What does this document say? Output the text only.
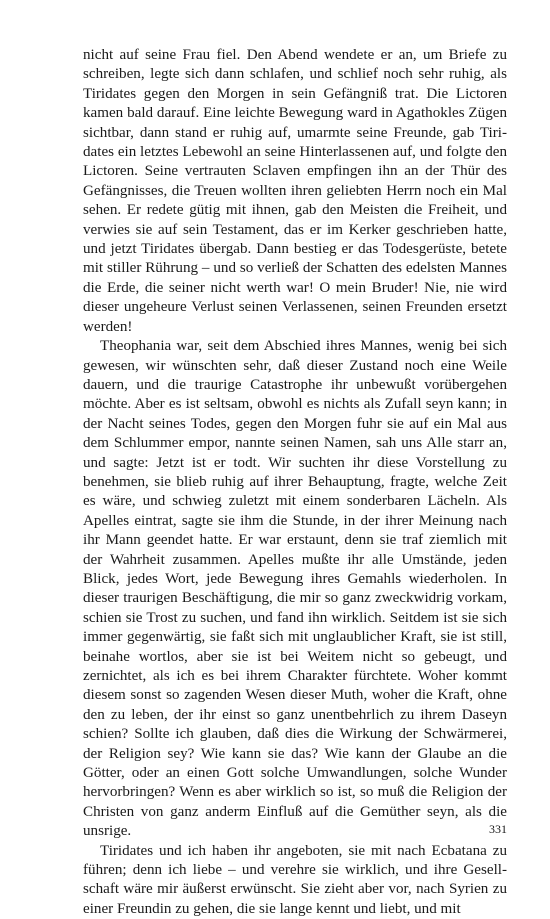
nicht auf seine Frau fiel. Den Abend wendete er an, um Briefe zu schreiben, legte sich dann schlafen, und schlief noch sehr ruhig, als Tiridates gegen den Morgen in sein Gefängniß trat. Die Lictoren kamen bald darauf. Eine leichte Bewegung ward in Agathokles Zügen sichtbar, dann stand er ruhig auf, umarmte seine Freunde, gab Tiridates ein letztes Lebewohl an seine Hinterlassenen auf, und folgte den Lictoren. Seine vertrauten Sclaven empfingen ihn an der Thür des Gefängnisses, die Treuen wollten ihren geliebten Herrn noch ein Mal sehen. Er redete gütig mit ihnen, gab den Meisten die Freiheit, und verwies sie auf sein Testament, das er im Kerker geschrieben hatte, und jetzt Tiridates übergab. Dann bestieg er das Todesgerüste, betete mit stiller Rührung – und so verließ der Schatten des edelsten Mannes die Erde, die seiner nicht werth war! O mein Bruder! Nie, nie wird dieser ungeheure Verlust seinen Verlassenen, seinen Freunden ersetzt werden!

Theophania war, seit dem Abschied ihres Mannes, wenig bei sich gewesen, wir wünschten sehr, daß dieser Zustand noch eine Weile dauern, und die traurige Catastrophe ihr unbewußt vorübergehen möchte. Aber es ist seltsam, obwohl es nichts als Zufall seyn kann; in der Nacht seines Todes, gegen den Morgen fuhr sie auf ein Mal aus dem Schlummer empor, nannte seinen Namen, sah uns Alle starr an, und sagte: Jetzt ist er todt. Wir suchten ihr diese Vorstellung zu benehmen, sie blieb ruhig auf ihrer Behauptung, fragte, welche Zeit es wäre, und schwieg zuletzt mit einem sonderbaren Lächeln. Als Apelles eintrat, sagte sie ihm die Stunde, in der ihrer Meinung nach ihr Mann geendet hatte. Er war erstaunt, denn sie traf ziemlich mit der Wahrheit zusammen. Apelles mußte ihr alle Umstände, jeden Blick, jedes Wort, jede Bewegung ihres Gemahls wiederholen. In dieser traurigen Beschäftigung, die mir so ganz zweckwidrig vorkam, schien sie Trost zu suchen, und fand ihn wirklich. Seitdem ist sie sich immer gegenwärtig, sie faßt sich mit unglaublicher Kraft, sie ist still, beinahe wortlos, aber sie ist bei Weitem nicht so gebeugt, und zernichtet, als ich es bei ihrem Charakter fürchtete. Woher kommt diesem sonst so zagenden Wesen dieser Muth, woher die Kraft, ohne den zu leben, der ihr einst so ganz unentbehrlich zu ihrem Daseyn schien? Sollte ich glauben, daß dies die Wirkung der Schwärmerei, der Religion sey? Wie kann sie das? Wie kann der Glaube an die Götter, oder an einen Gott solche Umwandlungen, solche Wunder hervorbringen? Wenn es aber wirklich so ist, so muß die Religion der Christen von ganz anderm Einfluß auf die Gemüther seyn, als die unsrige.

Tiridates und ich haben ihr angeboten, sie mit nach Ecbatana zu führen; denn ich liebe – und verehre sie wirklich, und ihre Gesellschaft wäre mir äußerst erwünscht. Sie zieht aber vor, nach Syrien zu einer Freundin zu gehen, die sie lange kennt und liebt, und mit

331
